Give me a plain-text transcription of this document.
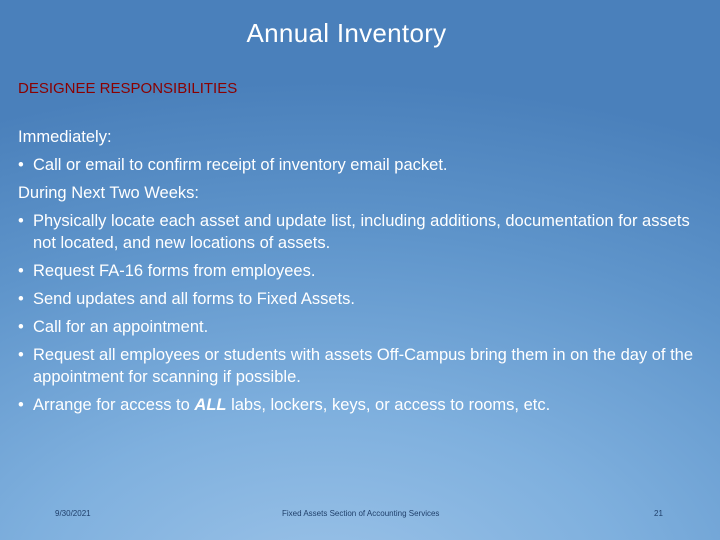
Annual Inventory
DESIGNEE RESPONSIBILITIES
Immediately:
• Call or email to confirm receipt of inventory email packet.
During Next Two Weeks:
• Physically locate each asset and update list, including additions, documentation for assets not located, and new locations of assets.
• Request FA-16 forms from employees.
• Send updates and all forms to Fixed Assets.
• Call for an appointment.
• Request all employees or students with assets Off-Campus bring them in on the day of the appointment for scanning if possible.
• Arrange for access to ALL labs, lockers, keys, or access to rooms, etc.
9/30/2021	Fixed Assets Section of Accounting Services	21
